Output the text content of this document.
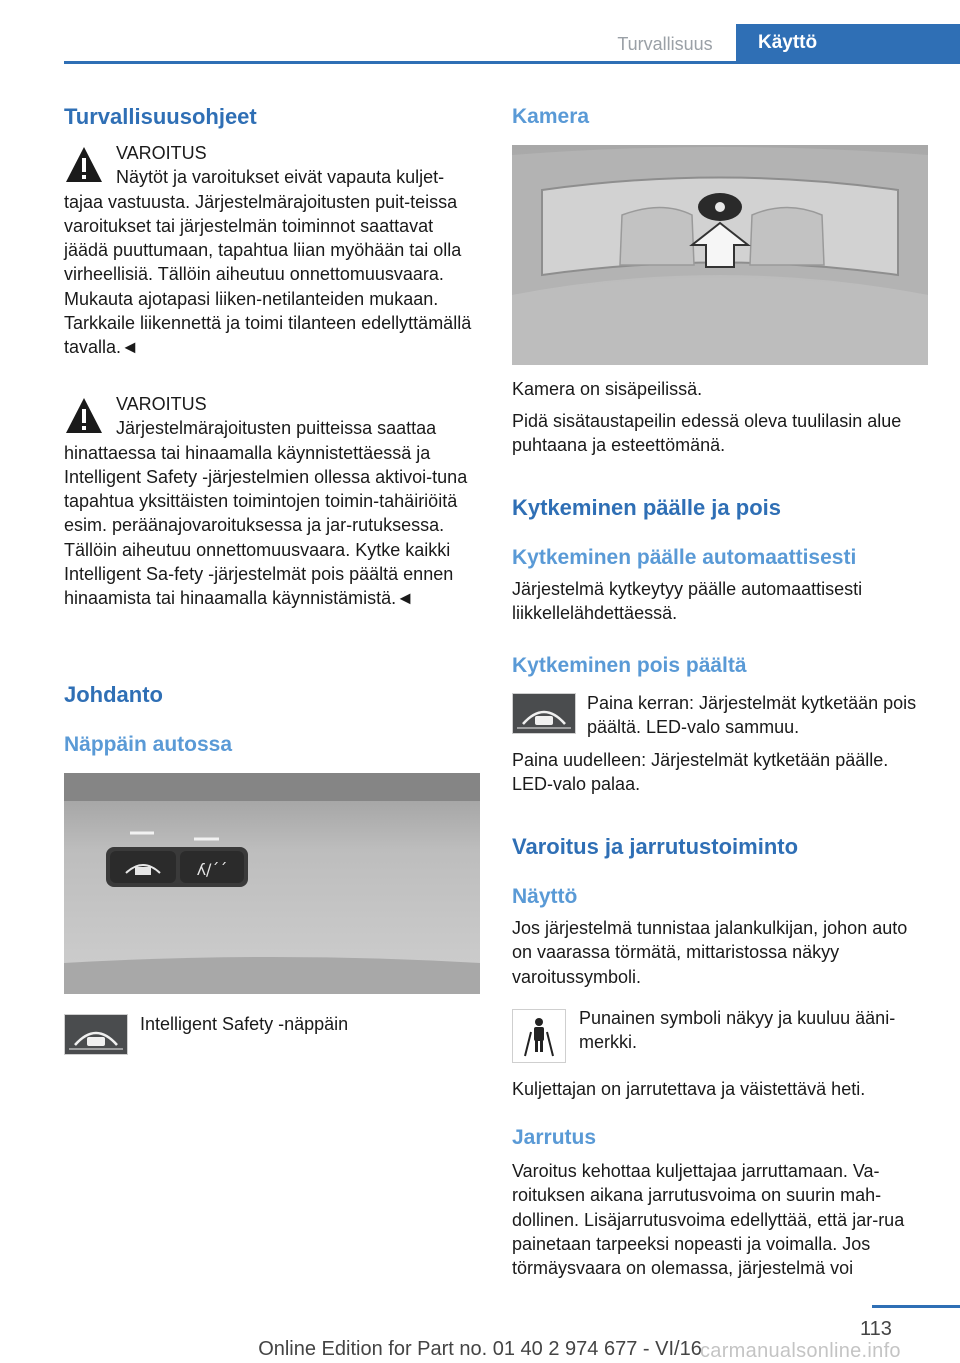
Turvallisuus	Käyttö
Turvallisuusohjeet

VAROITUS

Näytöt ja varoitukset eivät vapauta kuljet-

tajaa vastuusta. Järjestelmärajoitusten puit-teissa varoitukset tai järjestelmän toiminnot saattavat jäädä puuttumaan, tapahtua liian myöhään tai olla virheellisiä. Tällöin aiheutuu onnettomuusvaara. Mukauta ajotapasi liiken-netilanteiden mukaan. Tarkkaile liikennettä ja toimi tilanteen edellyttämällä tavalla.◄

VAROITUS

Järjestelmärajoitusten puitteissa saattaa

hinattaessa tai hinaamalla käynnistettäessä ja Intelligent Safety -järjestelmien ollessa aktivoi-tuna tapahtua yksittäisten toimintojen toimin-tahäiriöitä esim. peräänajovaroituksessa ja jar-rutuksessa. Tällöin aiheutuu onnettomuusvaara. Kytke kaikki Intelligent Sa-fety -järjestelmät pois päältä ennen hinaamista tai hinaamalla käynnistämistä.◄

Johdanto
Näppäin autossa
ʎ/ˊˊ

Intelligent Safety -näppäin

Kamera

Kamera on sisäpeilissä.

Pidä sisätaustapeilin edessä oleva tuulilasin alue puhtaana ja esteettömänä.

Kytkeminen päälle ja pois
Kytkeminen päälle automaattisesti

Järjestelmä kytkeytyy päälle automaattisesti liikkellelähdettäessä.

Kytkeminen pois päältä

Paina kerran: Järjestelmät kytketään pois päältä. LED-valo sammuu.

Paina uudelleen: Järjestelmät kytketään päälle. LED-valo palaa.

Varoitus ja jarrutustoiminto
Näyttö

Jos järjestelmä tunnistaa jalankulkijan, johon auto on vaarassa törmätä, mittaristossa näkyy varoitussymboli.

Punainen symboli näkyy ja kuuluu ääni-merkki.

Kuljettajan on jarrutettava ja väistettävä heti.

Jarrutus

Varoitus kehottaa kuljettajaa jarruttamaan. Va-roituksen aikana jarrutusvoima on suurin mah-dollinen. Lisäjarrutusvoima edellyttää, että jar-rua painetaan tarpeeksi nopeasti ja voimalla. Jos törmäysvaara on olemassa, järjestelmä voi

113
Online Edition for Part no. 01 40 2 974 677 - VI/16
carmanualsonline.info
